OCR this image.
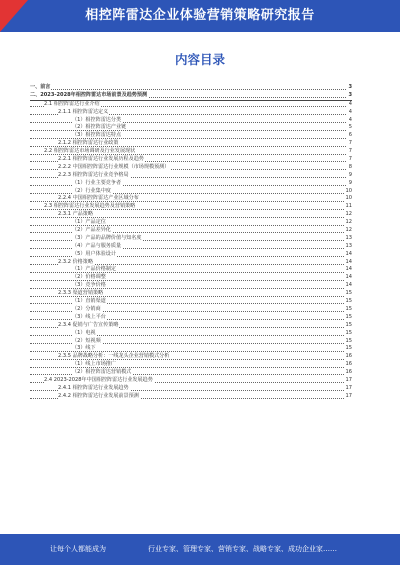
相控阵雷达企业体验营销策略研究报告
内容目录
一、前言	3
二、2023-2028年相控阵雷达市场前景及趋势预测	3
2.1 相控阵雷达行业介绍	4
2.1.1 相控阵雷达定义	4
（1）相控阵雷达分类	4
（2）相控阵雷达产业链	5
（3）相控阵雷达特点	6
2.1.2 相控阵雷达行业政策	7
2.2 相控阵雷达市场调研及行业发展现状	7
2.2.1 相控阵雷达行业发展历程及趋势	7
2.2.2 中国相控阵雷达行业规模（市场规模预测）	8
2.2.3 相控阵雷达行业竞争格局	9
（1）行业主要竞争者	9
（2）行业集中度	10
2.2.4 中国相控阵雷达产业区域分布	10
2.3 相控阵雷达行业发展趋势及营销策略	11
2.3.1 产品策略	12
（1）产品定位	12
（2）产品差异化	12
（3）产品的品牌价值与知名度	13
（4）产品与服务质量	13
（5）用户体验设计	14
2.3.2 价格策略	14
（1）产品价格制定	14
（2）价格调整	14
（3）竞争价格	14
2.3.3 渠道营销策略	15
（1）直销渠道	15
（2）分销商	15
（3）线上平台	15
2.3.4 促销与广告宣传策略	15
（1）电视	15
（2）短视频	15
（3）线下	15
2.3.5 品牌战略分析：一线龙头企业营销模式分析	16
（1）线上市场推广	16
（2）相控阵雷达营销模式	16
2.4 2023-2028年中国相控阵雷达行业发展趋势	17
2.4.1 相控阵雷达行业发展趋势	17
2.4.2 相控阵雷达行业发展前景预测	17
让每个人都能成为	行业专家、管理专家、营销专家、战略专家、成功企业家……
